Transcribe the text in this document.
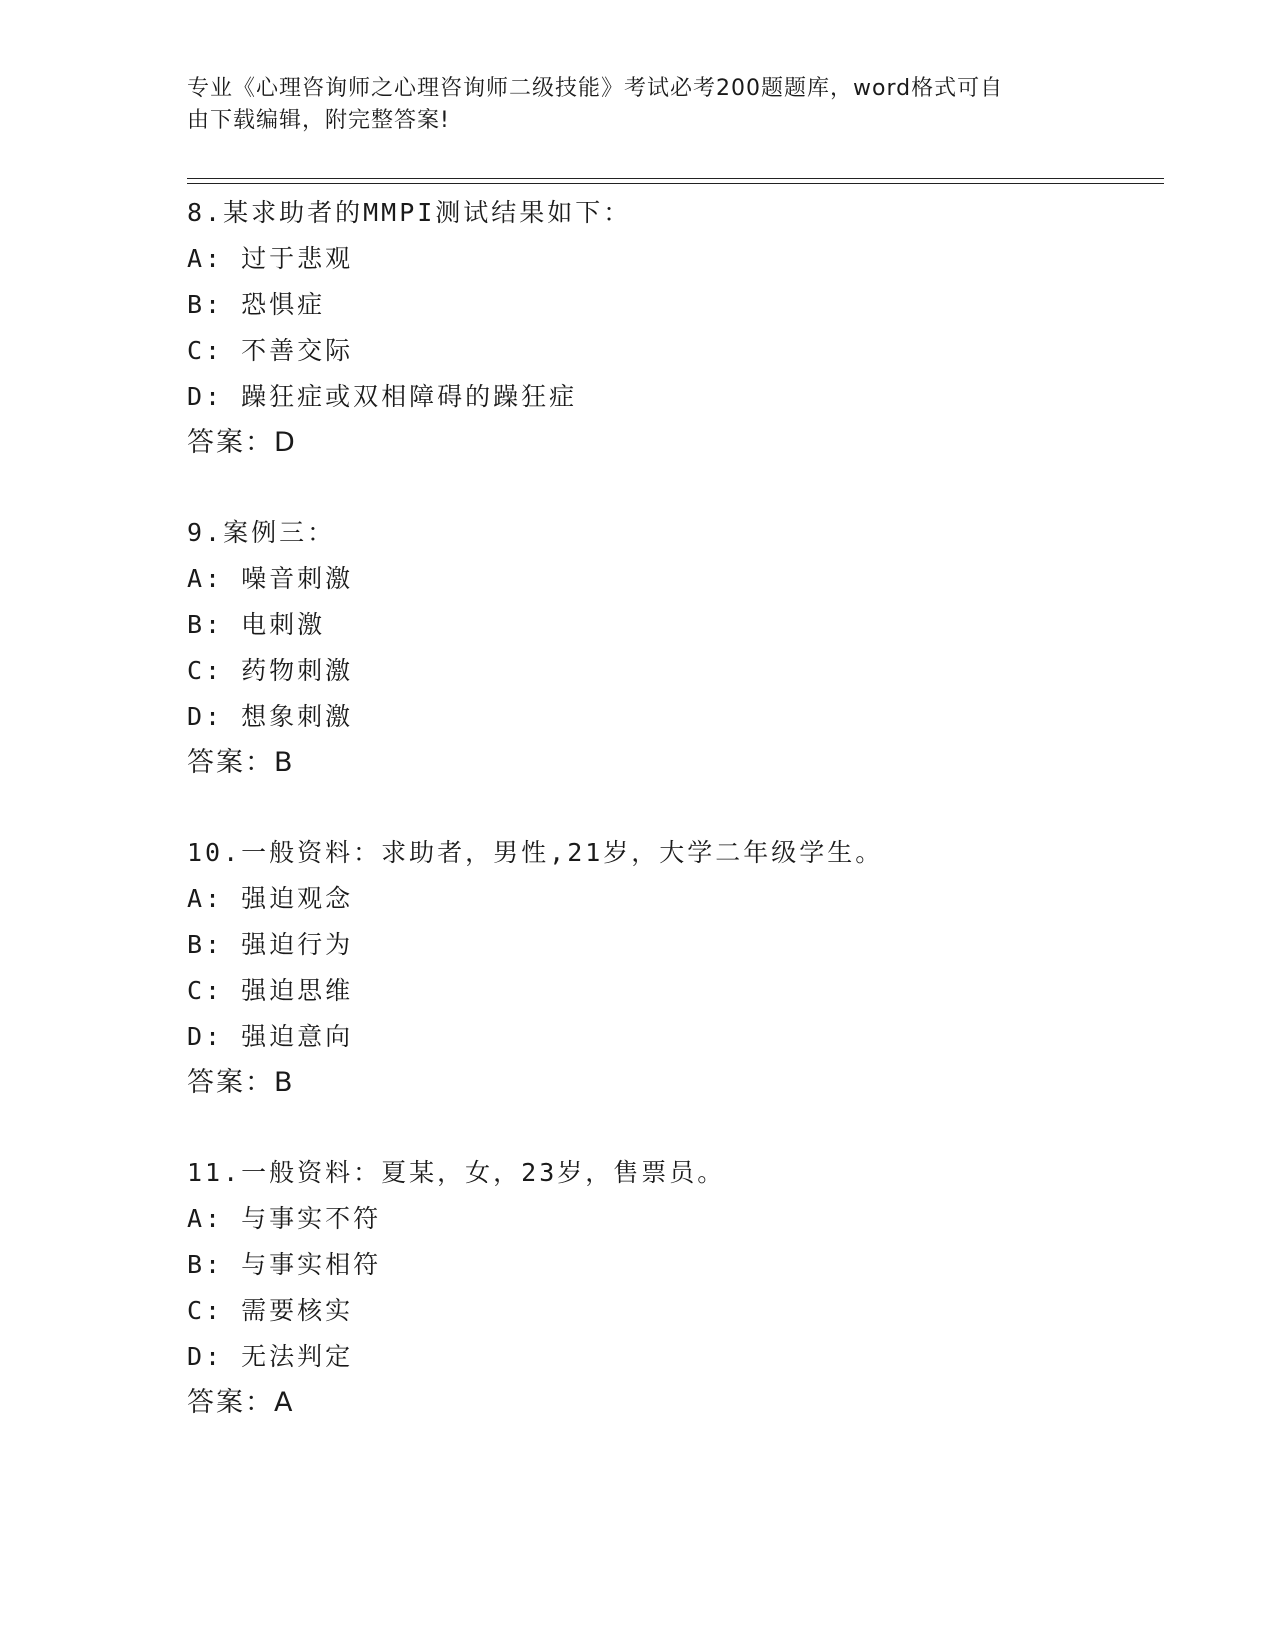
专业《心理咨询师之心理咨询师二级技能》考试必考200题题库，word格式可自
由下载编辑，附完整答案!
8.某求助者的MMPI测试结果如下：
A: 过于悲观
B: 恐惧症
C: 不善交际
D: 躁狂症或双相障碍的躁狂症
答案：D
9.案例三：
A: 噪音刺激
B: 电刺激
C: 药物刺激
D: 想象刺激
答案：B
10.一般资料：求助者，男性,21岁，大学二年级学生。
A: 强迫观念
B: 强迫行为
C: 强迫思维
D: 强迫意向
答案：B
11.一般资料：夏某，女，23岁，售票员。
A: 与事实不符
B: 与事实相符
C: 需要核实
D: 无法判定
答案：A
